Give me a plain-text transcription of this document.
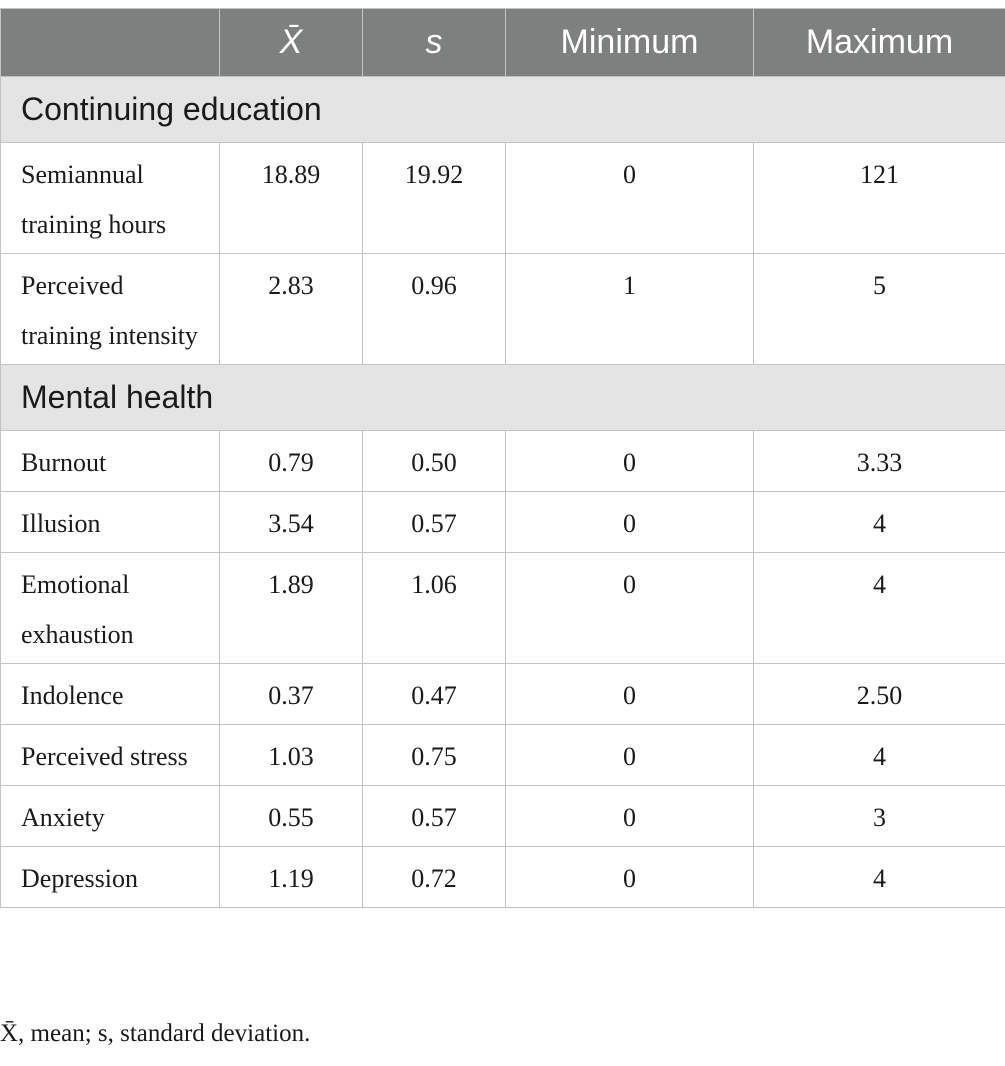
	X̄	s	Minimum	Maximum
Continuing education				
Semiannual training hours	18.89	19.92	0	121
Perceived training intensity	2.83	0.96	1	5
Mental health				
Burnout	0.79	0.50	0	3.33
Illusion	3.54	0.57	0	4
Emotional exhaustion	1.89	1.06	0	4
Indolence	0.37	0.47	0	2.50
Perceived stress	1.03	0.75	0	4
Anxiety	0.55	0.57	0	3
Depression	1.19	0.72	0	4
X̄, mean; s, standard deviation.
